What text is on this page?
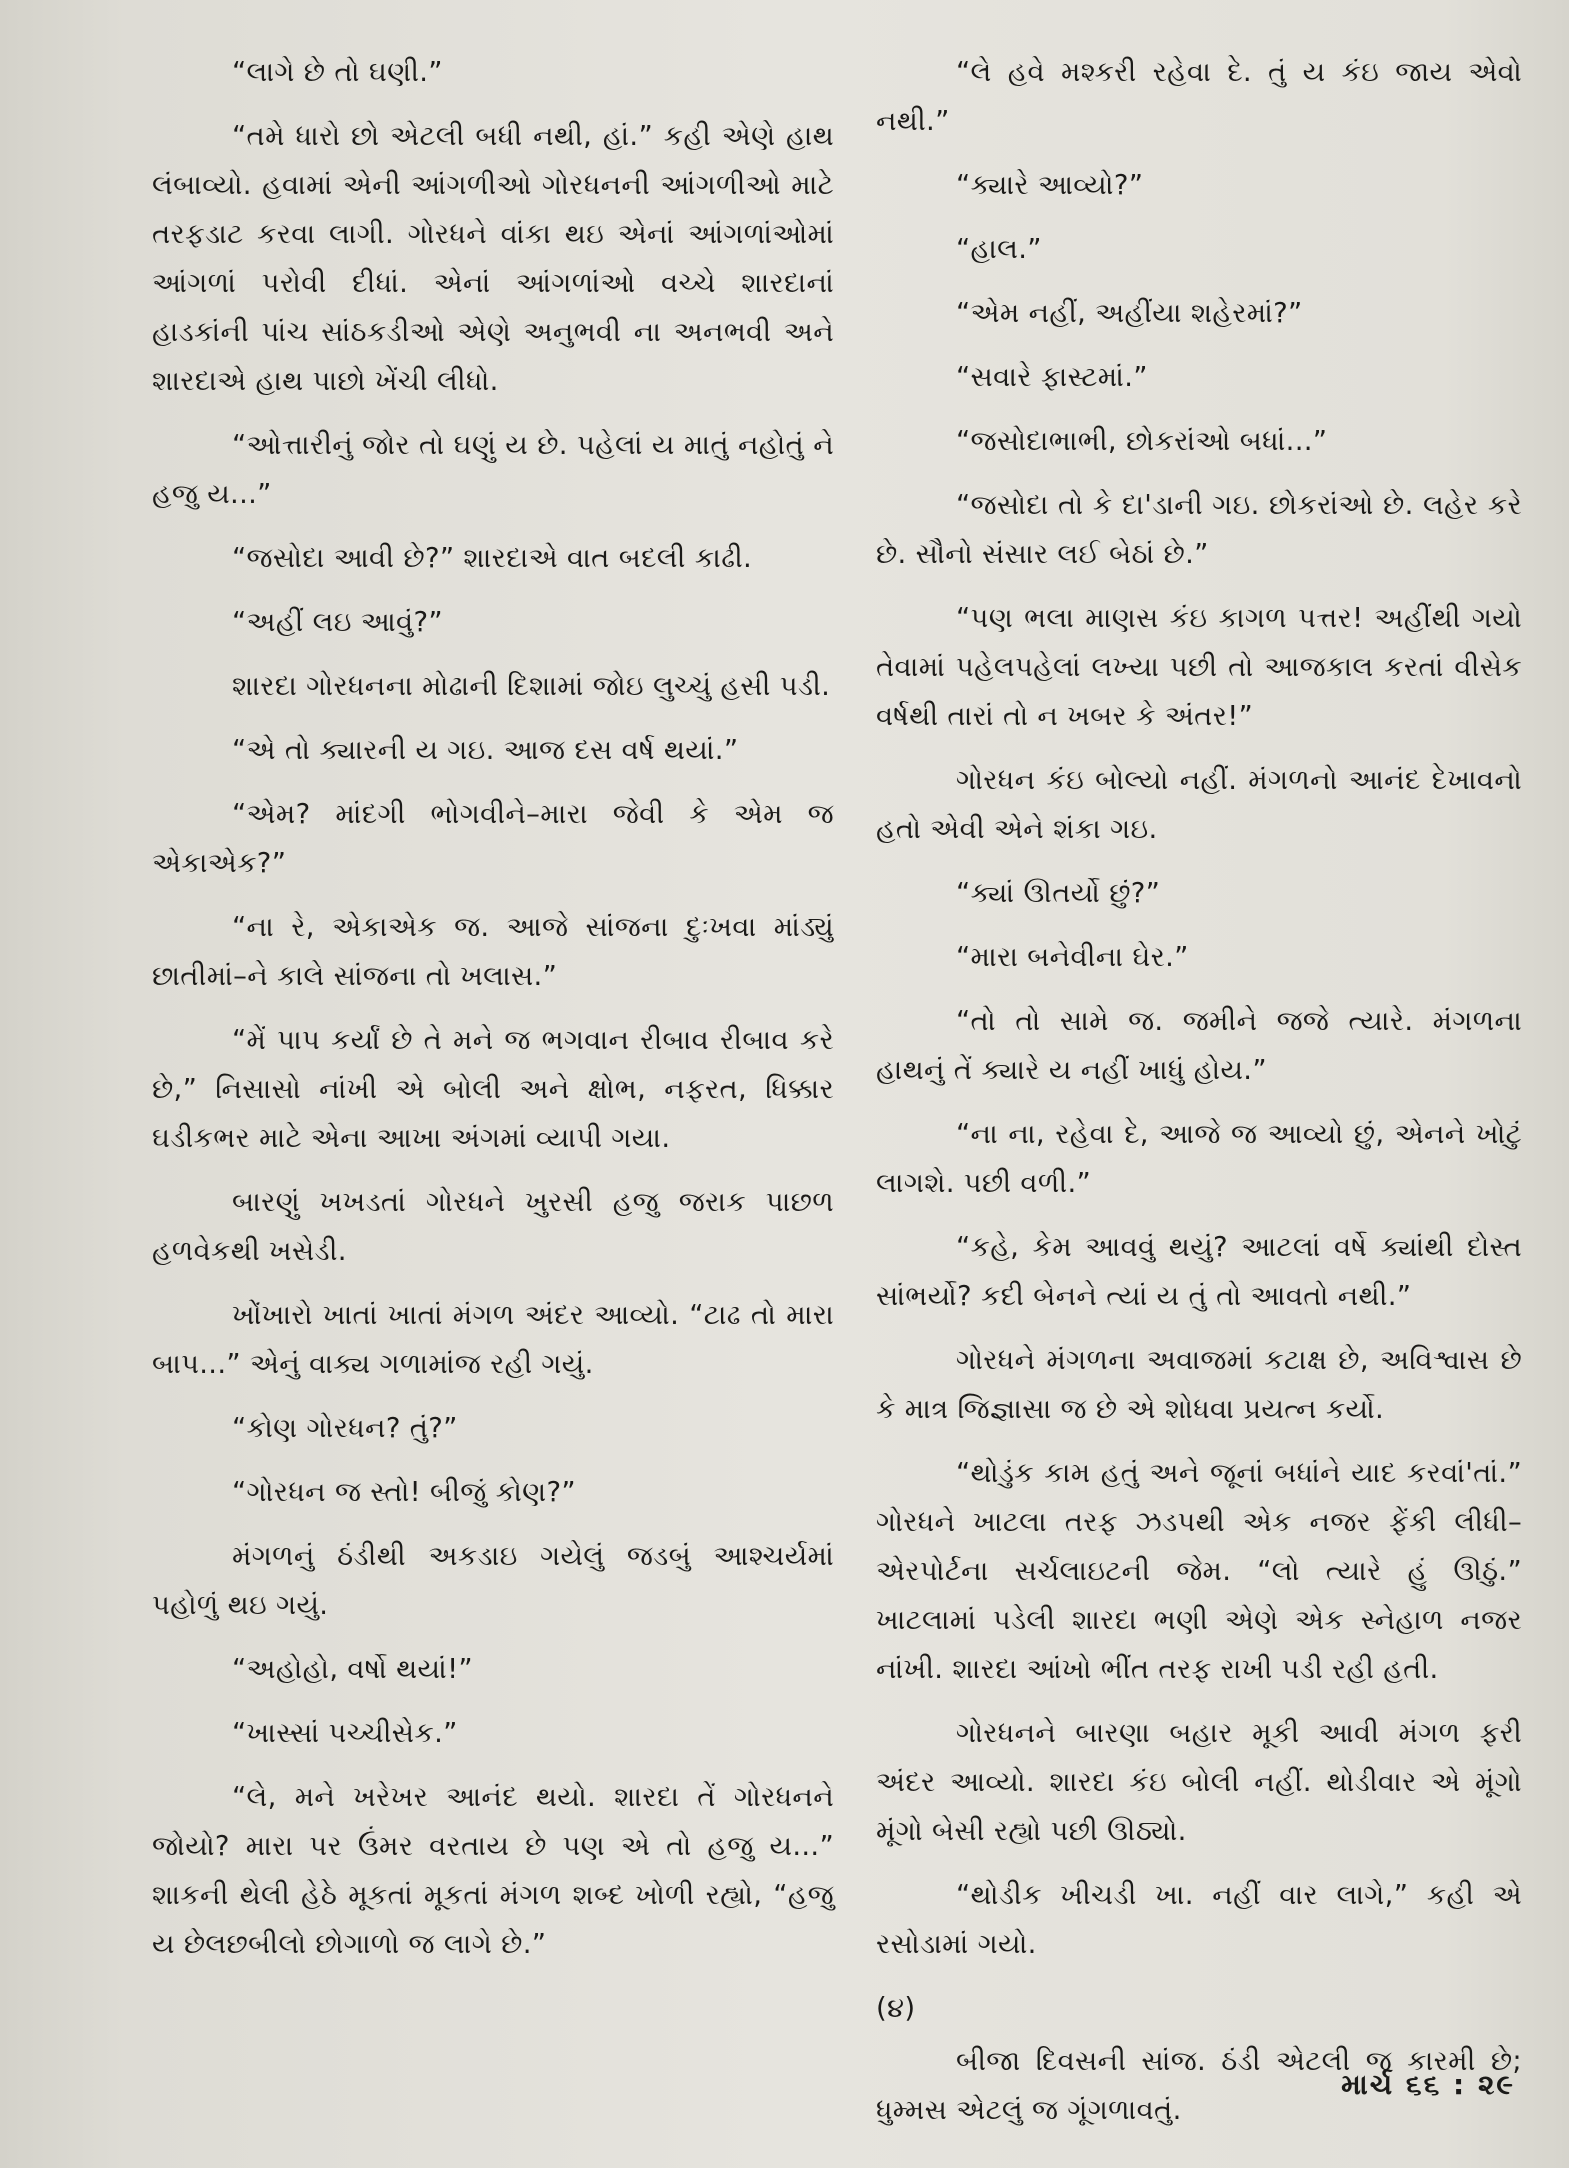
“લાગે છે તો ઘણી.”

“તમે ધારો છો એટલી બધી નથી, હાં.” કહી એણે હાથ લંબાવ્યો. હવામાં એની આંગળીઓ ગોરધનની આંગળીઓ માટે તરફડાટ કરવા લાગી. ગોરધને વાંકા થઇ એનાં આંગળાંઓમાં આંગળાં પરોવી દીધાં. એનાં આંગળાંઓ વચ્ચે શારદાનાં હાડકાંની પાંચ સાંઠકડીઓ એણે અનુભવી ના અનભવી અને શારદાએ હાથ પાછો ખેંચી લીધો.

“ઓત્તારીનું જોર તો ઘણું ય છે. પહેલાં ય માતું નહોતું ને હજુ ય...”

“જસોદા આવી છે?” શારદાએ વાત બદલી કાઢી.

“અહીં લઇ આવું?”

શારદા ગોરધનના મોઢાની દિશામાં જોઇ લુચ્ચું હસી પડી.

“એ તો ક્યારની ય ગઇ. આજ દસ વર્ષ થયાં.”

“એમ? માંદગી ભોગવીને–મારા જેવી કે એમ જ એકાએક?”

“ના રે, એકાએક જ. આજે સાંજના દુઃખવા માંડ્યું છાતીમાં–ને કાલે સાંજના તો ખલાસ.”

“મેં પાપ કર્યાં છે તે મને જ ભગવાન રીબાવ રીબાવ કરે છે,” નિસાસો નાંખી એ બોલી અને ક્ષોભ, નફરત, ધિક્કાર ઘડીકભર માટે એના આખા અંગમાં વ્યાપી ગયા.

બારણું ખખડતાં ગોરધને ખુરસી હજુ જરાક પાછળ હળવેકથી ખસેડી.

ખોંખારો ખાતાં ખાતાં મંગળ અંદર આવ્યો. “ટાઢ તો મારા બાપ...” એનું વાક્ય ગળામાંજ રહી ગયું.

“કોણ ગોરધન? તું?”

“ગોરધન જ સ્તો! બીજું કોણ?”

મંગળનું ઠંડીથી અકડાઇ ગયેલું જડબું આશ્ચર્યમાં પહોળું થઇ ગયું.

“અહોહો, વર્ષો થયાં!”

“ખાસ્સાં પચ્ચીસેક.”

“લે, મને ખરેખર આનંદ થયો. શારદા તેં ગોરધનને જોયો? મારા પર ઉંમર વરતાય છે પણ એ તો હજુ ય...” શાકની થેલી હેઠે મૂકતાં મૂકતાં મંગળ શબ્દ ખોળી રહ્યો, “હજુ ય છેલછબીલો છોગાળો જ લાગે છે.”

“લે હવે મશ્કરી રહેવા દે. તું ય કંઇ જાય એવો નથી.”

“ક્યારે આવ્યો?”

“હાલ.”

“એમ નહીં, અહીંયા શહેરમાં?”

“સવારે ફાસ્ટમાં.”

“જસોદાભાભી, છોકરાંઓ બધાં...”

“જસોદા તો કે દા'ડાની ગઇ. છોકરાંઓ છે. લહેર કરે છે. સૌનો સંસાર લઈ બેઠાં છે.”

“પણ ભલા માણસ કંઇ કાગળ પત્તર! અહીંથી ગયો તેવામાં પહેલપહેલાં લખ્યા પછી તો આજકાલ કરતાં વીસેક વર્ષથી તારાં તો ન ખબર કે અંતર!”

ગોરધન કંઇ બોલ્યો નહીં. મંગળનો આનંદ દેખાવનો હતો એવી એને શંકા ગઇ.

“ક્યાં ઊતર્યો છું?”

“મારા બનેવીના ઘેર.”

“તો તો સામે જ. જમીને જજે ત્યારે. મંગળના હાથનું તેં ક્યારે ય નહીં ખાધું હોય.”

“ના ના, રહેવા દે, આજે જ આવ્યો છું, એનને ખોટું લાગશે. પછી વળી.”

“કહે, કેમ આવવું થયું? આટલાં વર્ષે ક્યાંથી દોસ્ત સાંભર્યો? કદી બેનને ત્યાં ય તું તો આવતો નથી.”

ગોરધને મંગળના અવાજમાં કટાક્ષ છે, અવિશ્વાસ છે કે માત્ર જિજ્ઞાસા જ છે એ શોધવા પ્રયત્ન કર્યો.

“થોડુંક કામ હતું અને જૂનાં બધાંને યાદ કરવાં'તાં.” ગોરધને ખાટલા તરફ ઝડપથી એક નજર ફેંકી લીધી– એરપોર્ટના સર્ચલાઇટની જેમ. “લો ત્યારે હું ઊઠું.” ખાટલામાં પડેલી શારદા ભણી એણે એક સ્નેહાળ નજર નાંખી. શારદા આંખો ભીંત તરફ રાખી પડી રહી હતી.

ગોરધનને બારણા બહાર મૂકી આવી મંગળ ફરી અંદર આવ્યો. શારદા કંઇ બોલી નહીં. થોડીવાર એ મૂંગો મૂંગો બેસી રહ્યો પછી ઊઠ્યો.

“થોડીક ખીચડી ખા. નહીં વાર લાગે,” કહી એ રસોડામાં ગયો.

(૪)

બીજા દિવસની સાંજ. ઠંડી એટલી જ કારમી છે; ધુમ્મસ એટલું જ ગૂંગળાવતું.

માર્ચ ૬૬ : ૨૯
